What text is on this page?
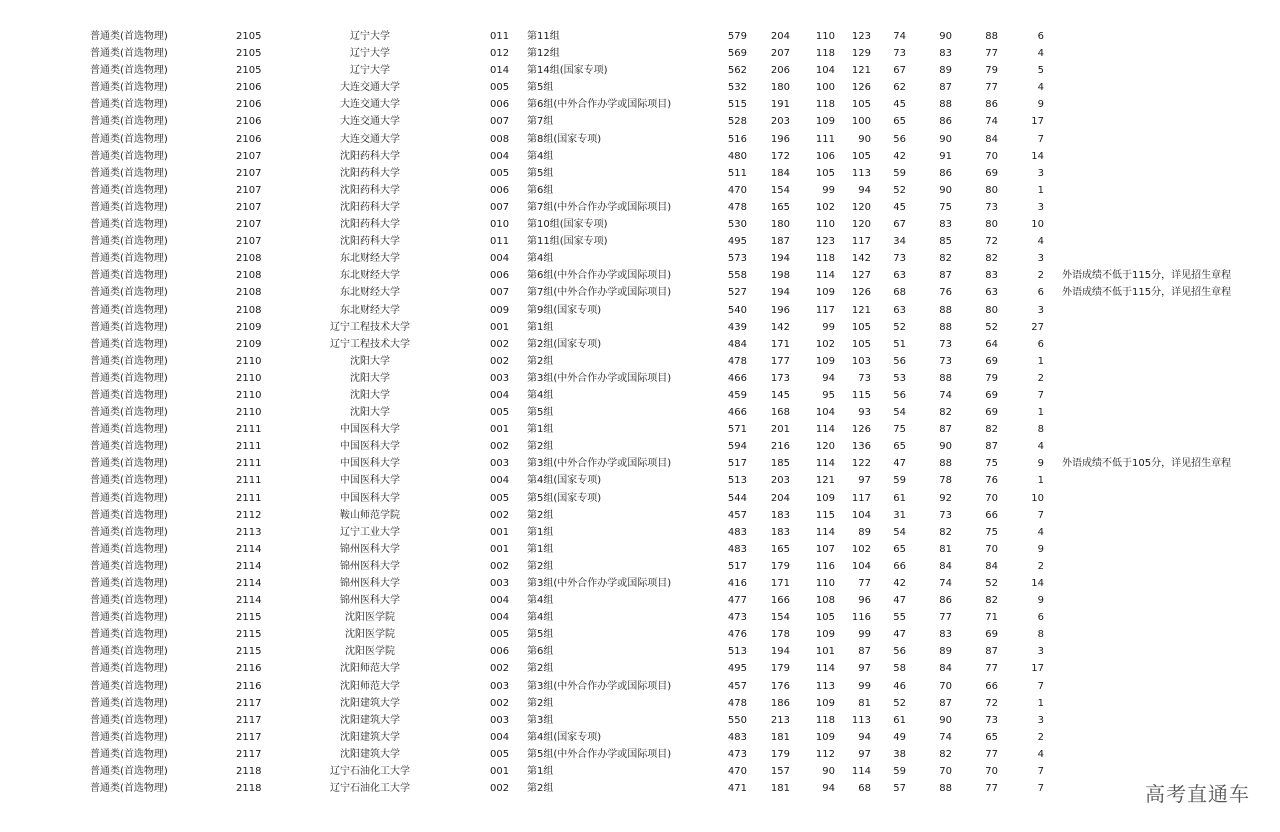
普通类(首选物理)	2105	辽宁大学	011 第11组	579	204	110	123	74	90	88	6
普通类(首选物理)	2105	辽宁大学	012 第12组	569	207	118	129	73	83	77	4
普通类(首选物理)	2105	辽宁大学	014 第14组(国家专项)	562	206	104	121	67	89	79	5
普通类(首选物理)	2106	大连交通大学	005 第5组	532	180	100	126	62	87	77	4
普通类(首选物理)	2106	大连交通大学	006 第6组(中外合作办学或国际项目)	515	191	118	105	45	88	86	9
普通类(首选物理)	2106	大连交通大学	007 第7组	528	203	109	100	65	86	74	17
普通类(首选物理)	2106	大连交通大学	008 第8组(国家专项)	516	196	111	90	56	90	84	7
普通类(首选物理)	2107	沈阳药科大学	004 第4组	480	172	106	105	42	91	70	14
普通类(首选物理)	2107	沈阳药科大学	005 第5组	511	184	105	113	59	86	69	3
普通类(首选物理)	2107	沈阳药科大学	006 第6组	470	154	99	94	52	90	80	1
普通类(首选物理)	2107	沈阳药科大学	007 第7组(中外合作办学或国际项目)	478	165	102	120	45	75	73	3
普通类(首选物理)	2107	沈阳药科大学	010 第10组(国家专项)	530	180	110	120	67	83	80	10
普通类(首选物理)	2107	沈阳药科大学	011 第11组(国家专项)	495	187	123	117	34	85	72	4
普通类(首选物理)	2108	东北财经大学	004 第4组	573	194	118	142	73	82	82	3
普通类(首选物理)	2108	东北财经大学	006 第6组(中外合作办学或国际项目)	558	198	114	127	63	87	83	2 外语成绩不低于115分，详见招生章程
普通类(首选物理)	2108	东北财经大学	007 第7组(中外合作办学或国际项目)	527	194	109	126	68	76	63	6 外语成绩不低于115分，详见招生章程
普通类(首选物理)	2108	东北财经大学	009 第9组(国家专项)	540	196	117	121	63	88	80	3
普通类(首选物理)	2109	辽宁工程技术大学	001 第1组	439	142	99	105	52	88	52	27
普通类(首选物理)	2109	辽宁工程技术大学	002 第2组(国家专项)	484	171	102	105	51	73	64	6
普通类(首选物理)	2110	沈阳大学	002 第2组	478	177	109	103	56	73	69	1
普通类(首选物理)	2110	沈阳大学	003 第3组(中外合作办学或国际项目)	466	173	94	73	53	88	79	2
普通类(首选物理)	2110	沈阳大学	004 第4组	459	145	95	115	56	74	69	7
普通类(首选物理)	2110	沈阳大学	005 第5组	466	168	104	93	54	82	69	1
普通类(首选物理)	2111	中国医科大学	001 第1组	571	201	114	126	75	87	82	8
普通类(首选物理)	2111	中国医科大学	002 第2组	594	216	120	136	65	90	87	4
普通类(首选物理)	2111	中国医科大学	003 第3组(中外合作办学或国际项目)	517	185	114	122	47	88	75	9 外语成绩不低于105分，详见招生章程
普通类(首选物理)	2111	中国医科大学	004 第4组(国家专项)	513	203	121	97	59	78	76	1
普通类(首选物理)	2111	中国医科大学	005 第5组(国家专项)	544	204	109	117	61	92	70	10
普通类(首选物理)	2112	鞍山师范学院	002 第2组	457	183	115	104	31	73	66	7
普通类(首选物理)	2113	辽宁工业大学	001 第1组	483	183	114	89	54	82	75	4
普通类(首选物理)	2114	锦州医科大学	001 第1组	483	165	107	102	65	81	70	9
普通类(首选物理)	2114	锦州医科大学	002 第2组	517	179	116	104	66	84	84	2
普通类(首选物理)	2114	锦州医科大学	003 第3组(中外合作办学或国际项目)	416	171	110	77	42	74	52	14
普通类(首选物理)	2114	锦州医科大学	004 第4组	477	166	108	96	47	86	82	9
普通类(首选物理)	2115	沈阳医学院	004 第4组	473	154	105	116	55	77	71	6
普通类(首选物理)	2115	沈阳医学院	005 第5组	476	178	109	99	47	83	69	8
普通类(首选物理)	2115	沈阳医学院	006 第6组	513	194	101	87	56	89	87	3
普通类(首选物理)	2116	沈阳师范大学	002 第2组	495	179	114	97	58	84	77	17
普通类(首选物理)	2116	沈阳师范大学	003 第3组(中外合作办学或国际项目)	457	176	113	99	46	70	66	7
普通类(首选物理)	2117	沈阳建筑大学	002 第2组	478	186	109	81	52	87	72	1
普通类(首选物理)	2117	沈阳建筑大学	003 第3组	550	213	118	113	61	90	73	3
普通类(首选物理)	2117	沈阳建筑大学	004 第4组(国家专项)	483	181	109	94	49	74	65	2
普通类(首选物理)	2117	沈阳建筑大学	005 第5组(中外合作办学或国际项目)	473	179	112	97	38	82	77	4
普通类(首选物理)	2118	辽宁石油化工大学	001 第1组	470	157	90	114	59	70	70	7
普通类(首选物理)	2118	辽宁石油化工大学	002 第2组	471	181	94	68	57	88	77	7	高考直通车
